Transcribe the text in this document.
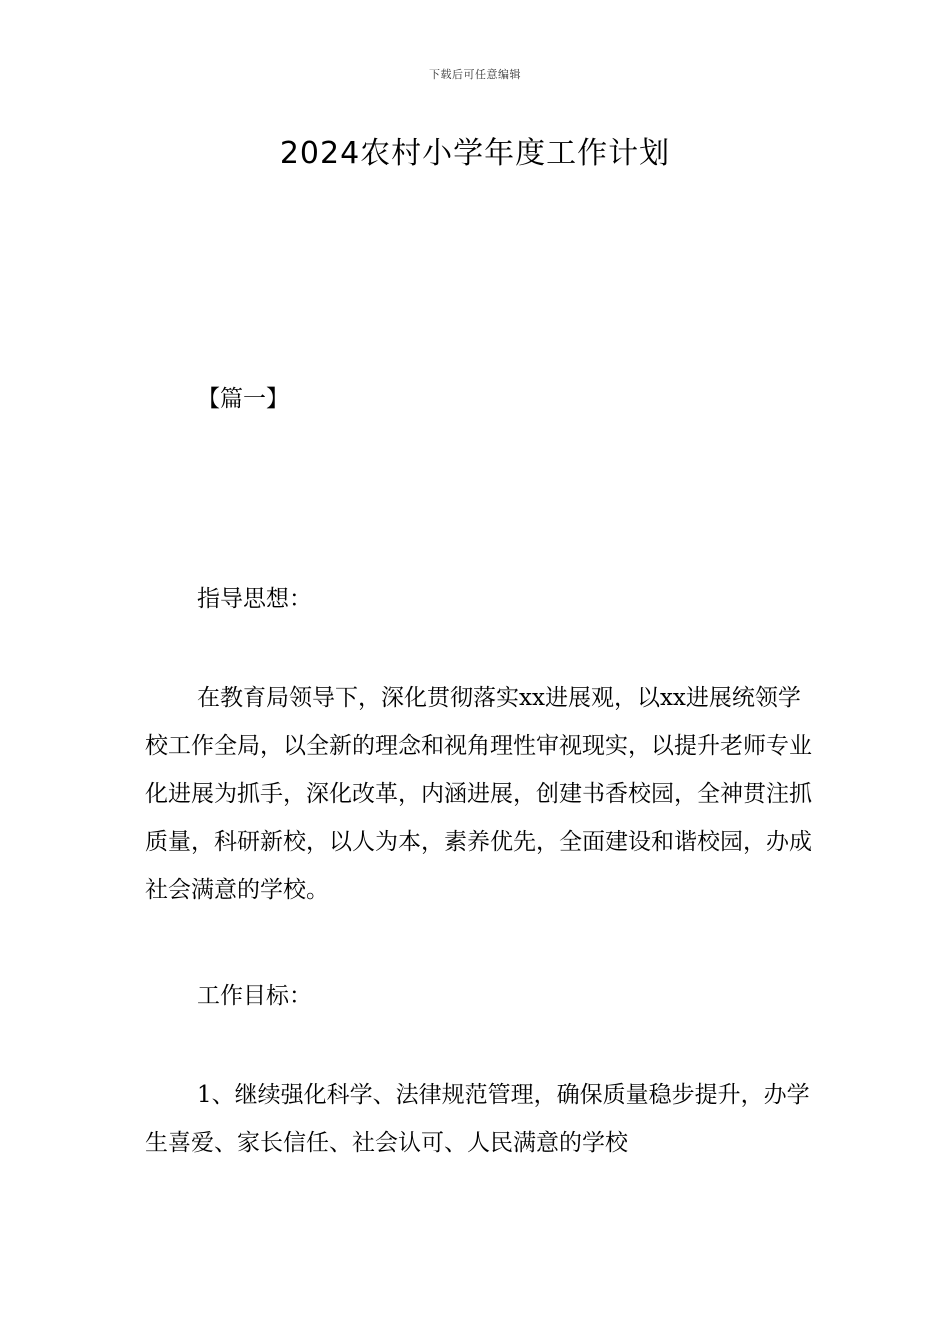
下载后可任意编辑
2024农村小学年度工作计划

【篇一】

指导思想：

在教育局领导下，深化贯彻落实xx进展观，以xx进展统领学校工作全局，以全新的理念和视角理性审视现实，以提升老师专业化进展为抓手，深化改革，内涵进展，创建书香校园，全神贯注抓质量，科研新校，以人为本，素养优先，全面建设和谐校园，办成社会满意的学校。

工作目标：

1、继续强化科学、法律规范管理，确保质量稳步提升，办学生喜爱、家长信任、社会认可、人民满意的学校
